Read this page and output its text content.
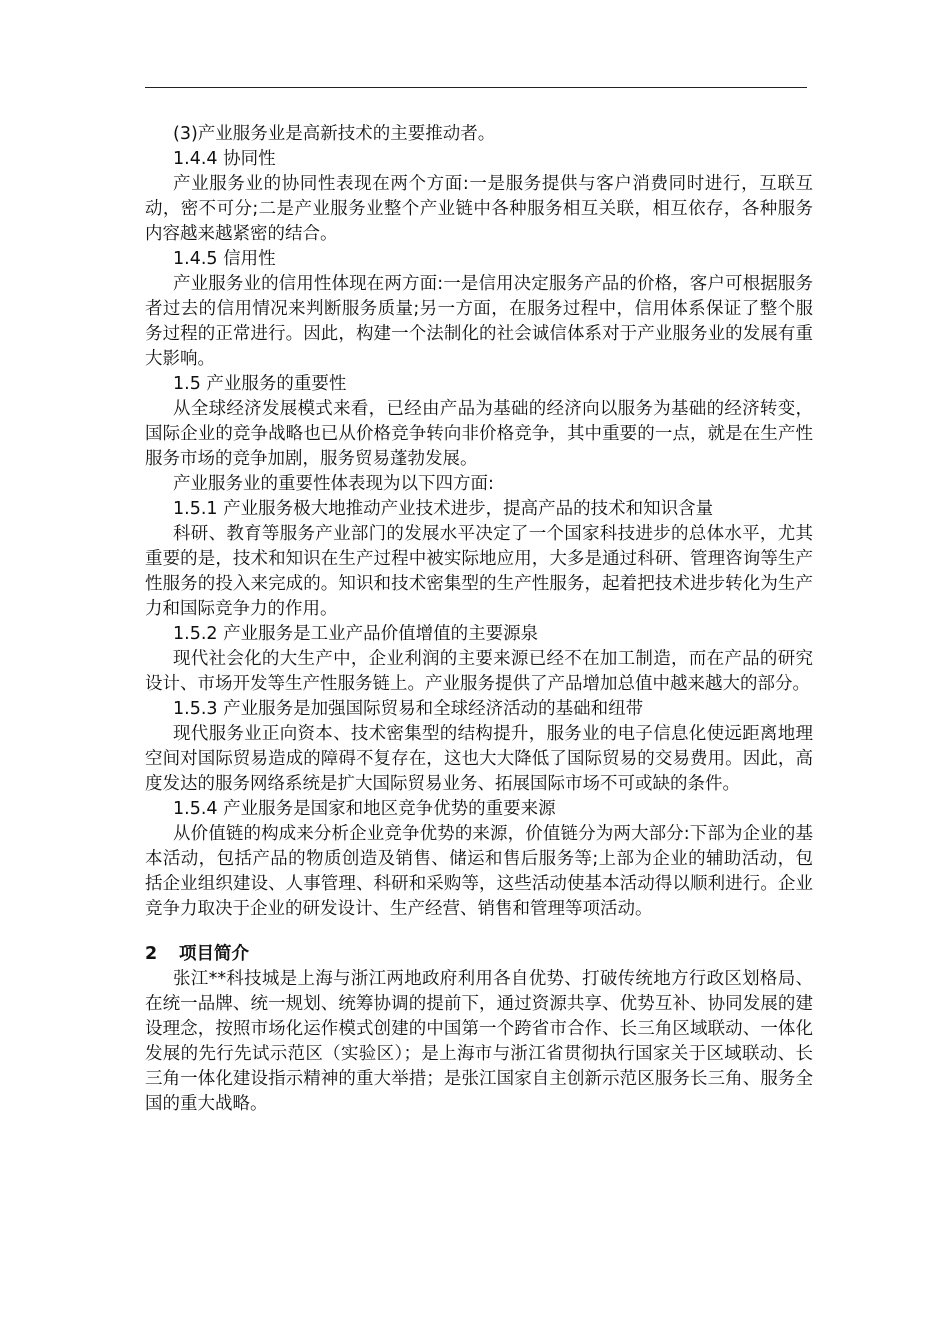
(3)产业服务业是高新技术的主要推动者。

1.4.4 协同性

产业服务业的协同性表现在两个方面:一是服务提供与客户消费同时进行，互联互动，密不可分;二是产业服务业整个产业链中各种服务相互关联，相互依存，各种服务内容越来越紧密的结合。

1.4.5 信用性

产业服务业的信用性体现在两方面:一是信用决定服务产品的价格，客户可根据服务者过去的信用情况来判断服务质量;另一方面，在服务过程中，信用体系保证了整个服务过程的正常进行。因此，构建一个法制化的社会诚信体系对于产业服务业的发展有重大影响。

1.5 产业服务的重要性

从全球经济发展模式来看，已经由产品为基础的经济向以服务为基础的经济转变，国际企业的竞争战略也已从价格竞争转向非价格竞争，其中重要的一点，就是在生产性服务市场的竞争加剧，服务贸易蓬勃发展。

产业服务业的重要性体表现为以下四方面:

1.5.1 产业服务极大地推动产业技术进步，提高产品的技术和知识含量

科研、教育等服务产业部门的发展水平决定了一个国家科技进步的总体水平，尤其重要的是，技术和知识在生产过程中被实际地应用，大多是通过科研、管理咨询等生产性服务的投入来完成的。知识和技术密集型的生产性服务，起着把技术进步转化为生产力和国际竞争力的作用。

1.5.2 产业服务是工业产品价值增值的主要源泉

现代社会化的大生产中，企业利润的主要来源已经不在加工制造，而在产品的研究设计、市场开发等生产性服务链上。产业服务提供了产品增加总值中越来越大的部分。

1.5.3 产业服务是加强国际贸易和全球经济活动的基础和纽带

现代服务业正向资本、技术密集型的结构提升，服务业的电子信息化使远距离地理空间对国际贸易造成的障碍不复存在，这也大大降低了国际贸易的交易费用。因此，高度发达的服务网络系统是扩大国际贸易业务、拓展国际市场不可或缺的条件。

1.5.4 产业服务是国家和地区竞争优势的重要来源

从价值链的构成来分析企业竞争优势的来源，价值链分为两大部分:下部为企业的基本活动，包括产品的物质创造及销售、储运和售后服务等;上部为企业的辅助活动，包括企业组织建设、人事管理、科研和采购等，这些活动使基本活动得以顺利进行。企业竞争力取决于企业的研发设计、生产经营、销售和管理等项活动。

2 项目简介

张江**科技城是上海与浙江两地政府利用各自优势、打破传统地方行政区划格局、在统一品牌、统一规划、统筹协调的提前下，通过资源共享、优势互补、协同发展的建设理念，按照市场化运作模式创建的中国第一个跨省市合作、长三角区域联动、一体化发展的先行先试示范区（实验区）；是上海市与浙江省贯彻执行国家关于区域联动、长三角一体化建设指示精神的重大举措；是张江国家自主创新示范区服务长三角、服务全国的重大战略。
